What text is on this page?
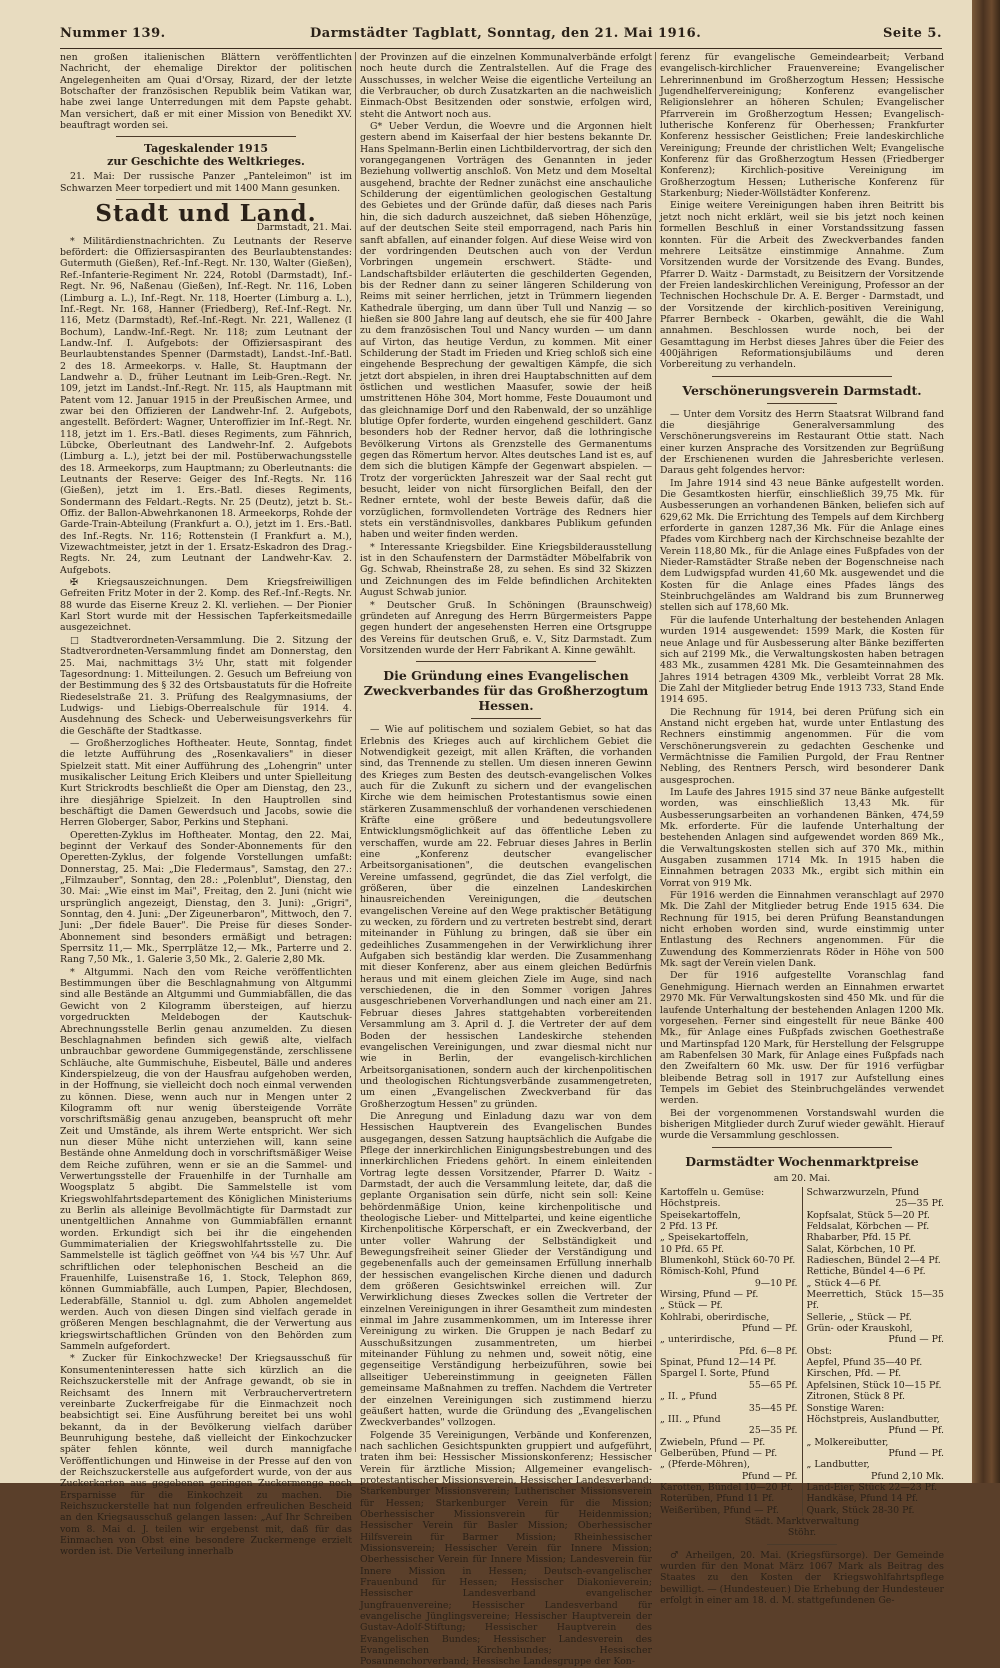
Nummer 139.	Darmstädter Tagblatt, Sonntag, den 21. Mai 1916.	Seite 5.

nen großen italienischen Blättern veröffentlichten Nachricht, der ehemalige Direktor der politischen Angelegenheiten am Quai d'Orsay, Rizard, der der letzte Botschafter der französischen Republik beim Vatikan war, habe zwei lange Unterredungen mit dem Papste gehabt. Man versichert, daß er mit einer Mission von Benedikt XV. beauftragt worden sei.

Tageskalender 1915
zur Geschichte des Weltkrieges.

21. Mai: Der russische Panzer „Panteleimon" ist im Schwarzen Meer torpediert und mit 1400 Mann gesunken.

Stadt und Land.
Darmstadt, 21. Mai.

* Militärdienstnachrichten. Zu Leutnants der Reserve befördert: die Offiziersaspiranten des Beurlaubtenstandes: Gutermuth (Gießen), Ref.-Inf.-Regt. Nr. 130, Walter (Gießen), Ref.-Infanterie-Regiment Nr. 224, Rotobl (Darmstadt), Inf.-Regt. Nr. 96, Naßenau (Gießen), Inf.-Regt. Nr. 116, Loben (Limburg a. L.), Inf.-Regt. Nr. 118, Hoerter (Limburg a. L.), Inf.-Regt. Nr. 168, Hanner (Friedberg), Ref.-Inf.-Regt. Nr. 116, Metz (Darmstadt), Ref.-Inf.-Regt. Nr. 221, Wallenez (I Bochum), Landw.-Inf.-Regt. Nr. 118; zum Leutnant der Landw.-Inf. I. Aufgebots: der Offiziersaspirant des Beurlaubtenstandes Spenner (Darmstadt), Landst.-Inf.-Batl. 2 des 18. Armeekorps. v. Halle, St. Hauptmann der Landwehr a. D., früher Leutnant im Leib-Gren.-Regt. Nr. 109, jetzt im Landst.-Inf.-Regt. Nr. 115, als Hauptmann mit Patent vom 12. Januar 1915 in der Preußischen Armee, und zwar bei den Offizieren der Landwehr-Inf. 2. Aufgebots, angestellt. Befördert: Wagner, Unteroffizier im Inf.-Regt. Nr. 118, jetzt im 1. Ers.-Batl. dieses Regiments, zum Fähnrich, Lübcke, Oberleutnant des Landwehr-Inf. 2. Aufgebots (Limburg a. L.), jetzt bei der mil. Postüberwachungsstelle des 18. Armeekorps, zum Hauptmann; zu Oberleutnants: die Leutnants der Reserve: Geiger des Inf.-Regts. Nr. 116 (Gießen), jetzt im 1. Ers.-Batl. dieses Regiments, Sondermann des Feldart.-Regts. Nr. 25 (Deutz), jetzt b. St.-Offiz. der Ballon-Abwehrkanonen 18. Armeekorps, Rohde der Garde-Train-Abteilung (Frankfurt a. O.), jetzt im 1. Ers.-Batl. des Inf.-Regts. Nr. 116; Rottenstein (I Frankfurt a. M.), Vizewachtmeister, jetzt in der 1. Ersatz-Eskadron des Drag.-Regts. Nr. 24, zum Leutnant der Landwehr-Kav. 2. Aufgebots.

✠ Kriegsauszeichnungen. Dem Kriegsfreiwilligen Gefreiten Fritz Moter in der 2. Komp. des Ref.-Inf.-Regts. Nr. 88 wurde das Eiserne Kreuz 2. Kl. verliehen. — Der Pionier Karl Stort wurde mit der Hessischen Tapferkeitsmedaille ausgezeichnet.

□ Stadtverordneten-Versammlung. Die 2. Sitzung der Stadtverordneten-Versammlung findet am Donnerstag, den 25. Mai, nachmittags 3½ Uhr, statt mit folgender Tagesordnung: 1. Mitteilungen. 2. Gesuch um Befreiung von der Bestimmung des § 32 des Ortsbaustatuts für die Hofreite Riedeselstraße 21. 3. Prüfung des Realgymnasiums, der Ludwigs- und Liebigs-Oberrealschule für 1914. 4. Ausdehnung des Scheck- und Ueberweisungsverkehrs für die Geschäfte der Stadtkasse.

— Großherzogliches Hoftheater. Heute, Sonntag, findet die letzte Aufführung des „Rosenkavaliers" in dieser Spielzeit statt. Mit einer Aufführung des „Lohengrin" unter musikalischer Leitung Erich Kleibers und unter Spielleitung Kurt Strickrodts beschließt die Oper am Dienstag, den 23., ihre diesjährige Spielzeit. In den Hauptrollen sind beschäftigt die Damen Gewerdsuch und Jacobs, sowie die Herren Globerger, Sabor, Perkins und Stephani.

Operetten-Zyklus im Hoftheater. Montag, den 22. Mai, beginnt der Verkauf des Sonder-Abonnements für den Operetten-Zyklus, der folgende Vorstellungen umfaßt: Donnerstag, 25. Mai: „Die Fledermaus", Samstag, den 27.: „Filmzauber", Sonntag, den 28.: „Polenblut", Dienstag, den 30. Mai: „Wie einst im Mai", Freitag, den 2. Juni (nicht wie ursprünglich angezeigt, Dienstag, den 3. Juni): „Grigri", Sonntag, den 4. Juni: „Der Zigeunerbaron", Mittwoch, den 7. Juni: „Der fidele Bauer". Die Preise für dieses Sonder-Abonnement sind besonders ermäßigt und betragen: Sperrsitz 11,— Mk., Sperrplätze 12,— Mk., Parterre und 2. Rang 7,50 Mk., 1. Galerie 3,50 Mk., 2. Galerie 2,80 Mk.

* Altgummi. Nach den vom Reiche veröffentlichten Bestimmungen über die Beschlagnahmung von Altgummi sind alle Bestände an Altgummi und Gummiabfällen, die das Gewicht von 2 Kilogramm übersteigen, auf hierzu vorgedruckten Meldebogen der Kautschuk-Abrechnungsstelle Berlin genau anzumelden. Zu diesen Beschlagnahmen befinden sich gewiß alte, vielfach unbrauchbar gewordene Gummigegenstände, zerschlissene Schläuche, alte Gummischuhe, Eisbeutel, Bälle und anderes Kinderspielzeug, die von der Hausfrau aufgehoben werden, in der Hoffnung, sie vielleicht doch noch einmal verwenden zu können. Diese, wenn auch nur in Mengen unter 2 Kilogramm oft nur wenig übersteigende Vorräte vorschriftsmäßig genau anzugeben, beansprucht oft mehr Zeit und Umstände, als ihrem Werte entspricht. Wer sich nun dieser Mühe nicht unterziehen will, kann seine Bestände ohne Anmeldung doch in vorschriftsmäßiger Weise dem Reiche zuführen, wenn er sie an die Sammel- und Verwertungsstelle der Frauenhilfe in der Turnhalle am Woogsplatz 5 abgibt. Die Sammelstelle ist vom Kriegswohlfahrtsdepartement des Königlichen Ministeriums zu Berlin als alleinige Bevollmächtigte für Darmstadt zur unentgeltlichen Annahme von Gummiabfällen ernannt worden. Erkundigt sich bei ihr die eingehenden Gummimaterialien der Kriegswohlfahrtsstelle zu. Die Sammelstelle ist täglich geöffnet von ¼4 bis ½7 Uhr. Auf schriftlichen oder telephonischen Bescheid an die Frauenhilfe, Luisenstraße 16, 1. Stock, Telephon 869, können Gummiabfälle, auch Lumpen, Papier, Blechdosen, Lederabfälle, Stanniol u. dgl. zum Abholen angemeldet werden. Auch von diesen Dingen sind vielfach gerade in größeren Mengen beschlagnahmt, die der Verwertung aus kriegswirtschaftlichen Gründen von den Behörden zum Sammeln aufgefordert.

* Zucker für Einkochzwecke! Der Kriegsausschuß für Konsumenteninteressen hatte sich kürzlich an die Reichszuckerstelle mit der Anfrage gewandt, ob sie in Reichsamt des Innern mit Verbrauchervertretern vereinbarte Zuckerfreigabe für die Einmachzeit noch beabsichtigt sei. Eine Ausführung bereitet bei uns wohl bekannt, da in der Bevölkerung vielfach darüber Beunruhigung bestehe, daß vielleicht der Einkochzucker später fehlen könnte, weil durch mannigfache Veröffentlichungen und Hinweise in der Presse auf den von der Reichszuckerstelle aus aufgefordert wurde, von der aus Zuckerkarten aus gegebenen geringen Zuckermenge noch Ersparnisse für die Einkochzeit zu machen. Die Reichszuckerstelle hat nun folgenden erfreulichen Bescheid an den Kriegsausschuß gelangen lassen: „Auf Ihr Schreiben vom 8. Mai d. J. teilen wir ergebenst mit, daß für das Einmachen von Obst eine besondere Zuckermenge erzielt worden ist. Die Verteilung innerhalb

der Provinzen auf die einzelnen Kommunalverbände erfolgt noch heute durch die Zentralstellen. Auf die Frage des Ausschusses, in welcher Weise die eigentliche Verteilung an die Verbraucher, ob durch Zusatzkarten an die nachweislich Einmach-Obst Besitzenden oder sonstwie, erfolgen wird, steht die Antwort noch aus.

G* Ueber Verdun, die Woevre und die Argonnen hielt gestern abend im Kaiserfaal der hier bestens bekannte Dr. Hans Spelmann-Berlin einen Lichtbildervortrag, der sich den vorangegangenen Vorträgen des Genannten in jeder Beziehung vollwertig anschloß. Von Metz und dem Moseltal ausgehend, brachte der Redner zunächst eine anschauliche Schilderung der eigentümlichen geologischen Gestaltung des Gebietes und der Gründe dafür, daß dieses nach Paris hin, die sich dadurch auszeichnet, daß sieben Höhenzüge, auf der deutschen Seite steil emporragend, nach Paris hin sanft abfallen, auf einander folgen. Auf diese Weise wird von der vordringenden Deutschen auch von der Verdun Vorbringen ungemein erschwert. Städte- und Landschaftsbilder erläuterten die geschilderten Gegenden, bis der Redner dann zu seiner längeren Schilderung von Reims mit seiner herrlichen, jetzt in Trümmern liegenden Kathedrale überging, um dann über Tull und Nanzig — so hießen sie 800 Jahre lang auf deutsch, ehe sie für 400 Jahre zu dem französischen Toul und Nancy wurden — um dann auf Virton, das heutige Verdun, zu kommen. Mit einer Schilderung der Stadt im Frieden und Krieg schloß sich eine eingehende Besprechung der gewaltigen Kämpfe, die sich jetzt dort abspielen, in ihren drei Hauptabschnitten auf dem östlichen und westlichen Maasufer, sowie der heiß umstrittenen Höhe 304, Mort homme, Feste Douaumont und das gleichnamige Dorf und den Rabenwald, der so unzählige blutige Opfer forderte, wurden eingehend geschildert. Ganz besonders hob der Redner hervor, daß die lothringische Bevölkerung Virtons als Grenzstelle des Germanentums gegen das Römertum hervor. Altes deutsches Land ist es, auf dem sich die blutigen Kämpfe der Gegenwart abspielen. — Trotz der vorgerückten Jahreszeit war der Saal recht gut besucht, leider von nicht fürsorglichen Beifall, den der Redner erntete, wohl der beste Beweis dafür, daß die vorzüglichen, formvollendeten Vorträge des Redners hier stets ein verständnisvolles, dankbares Publikum gefunden haben und weiter finden werden.

* Interessante Kriegsbilder. Eine Kriegsbilderausstellung ist in den Schaufenstern der Darmstädter Möbelfabrik von Gg. Schwab, Rheinstraße 28, zu sehen. Es sind 32 Skizzen und Zeichnungen des im Felde befindlichen Architekten August Schwab junior.

* Deutscher Gruß. In Schöningen (Braunschweig) gründeten auf Anregung des Herrn Bürgermeisters Pappe gegen hundert der angesehensten Herren eine Ortsgruppe des Vereins für deutschen Gruß, e. V., Sitz Darmstadt. Zum Vorsitzenden wurde der Herr Fabrikant A. Kinne gewählt.

Die Gründung eines Evangelischen Zweckverbandes für das Großherzogtum Hessen.

— Wie auf politischem und sozialem Gebiet, so hat das Erlebnis des Krieges auch auf kirchlichem Gebiet die Notwendigkeit gezeigt, mit allen Kräften, die vorhanden sind, das Trennende zu stellen. Um diesen inneren Gewinn des Krieges zum Besten des deutsch-evangelischen Volkes auch für die Zukunft zu sichern und der evangelischen Kirche wie dem heimischen Protestantismus sowie einen stärkeren Zusammenschluß der vorhandenen verschiedenen Kräfte eine größere und bedeutungsvollere Entwicklungsmöglichkeit auf das öffentliche Leben zu verschaffen, wurde am 22. Februar dieses Jahres in Berlin eine „Konferenz deutscher evangelischer Arbeitsorganisationen", die deutschen evangelischen Vereine umfassend, gegründet, die das Ziel verfolgt, die größeren, über die einzelnen Landeskirchen hinausreichenden Vereinigungen, die deutschen evangelischen Vereine auf den Wege praktischer Betätigung zu wecken, zu fördern und zu vertreten bestrebt sind, derart miteinander in Fühlung zu bringen, daß sie über ein gedeihliches Zusammengehen in der Verwirklichung ihrer Aufgaben sich beständig klar werden. Die Zusammenhang mit dieser Konferenz, aber aus einem gleichen Bedürfnis heraus und mit einem gleichen Ziele im Auge, sind nach verschiedenen, die in den Sommer vorigen Jahres ausgeschriebenen Vorverhandlungen und nach einer am 21. Februar dieses Jahres stattgehabten vorbereitenden Versammlung am 3. April d. J. die Vertreter der auf dem Boden der hessischen Landeskirche stehenden evangelischen Vereinigungen, und zwar diesmal nicht nur wie in Berlin, der evangelisch-kirchlichen Arbeitsorganisationen, sondern auch der kirchenpolitischen und theologischen Richtungsverbände zusammengetreten, um einen „Evangelischen Zweckverband für das Großherzogtum Hessen" zu gründen.

Die Anregung und Einladung dazu war von dem Hessischen Hauptverein des Evangelischen Bundes ausgegangen, dessen Satzung hauptsächlich die Aufgabe die Pflege der innerkirchlichen Einigungsbestrebungen und des innerkirchlichen Friedens gehört. In einem einleitenden Vortrag legte dessen Vorsitzender, Pfarrer D. Waitz - Darmstadt, der auch die Versammlung leitete, dar, daß die geplante Organisation sein dürfe, nicht sein soll: Keine behördenmäßige Union, keine kirchenpolitische und theologische Lieber- und Mittelpartei, und keine eigentliche Kirchenpolitische Körperschaft, er ein Zweckverband, der unter voller Wahrung der Selbständigkeit und Bewegungsfreiheit seiner Glieder der Verständigung und gegebenenfalls auch der gemeinsamen Erfüllung innerhalb der hessischen evangelischen Kirche dienen und dadurch dem größeren Gesichtswinkel erreichen will. Zur Verwirklichung dieses Zweckes sollen die Vertreter der einzelnen Vereinigungen in ihrer Gesamtheit zum mindesten einmal im Jahre zusammenkommen, um im Interesse ihrer Vereinigung zu wirken. Die Gruppen je nach Bedarf zu Ausschußsitzungen zusammentreten, um hierbei miteinander Fühlung zu nehmen und, soweit nötig, eine gegenseitige Verständigung herbeizuführen, sowie bei allseitiger Uebereinstimmung in geeigneten Fällen gemeinsame Maßnahmen zu treffen. Nachdem die Vertreter der einzelnen Vereinigungen sich zustimmend hierzu geäußert hatten, wurde die Gründung des „Evangelischen Zweckverbandes" vollzogen.

Folgende 35 Vereinigungen, Verbände und Konferenzen, nach sachlichen Gesichtspunkten gruppiert und aufgeführt, traten ihm bei: Hessischer Missionskonferenz; Hessischer Verein für ärztliche Mission; Allgemeiner evangelisch-protestantischer Missionsverein, Hessischer Landesverband; Starkenburger Missionsverein; Lutherischer Missionsverein für Hessen; Starkenburger Verein für die Mission; Oberhessischer Missionsverein für Heidenmission; Hessischer Verein für Basler Mission; Oberhessischer Hilfsverein für Barmer Mission; Rheinhessischer Missionsverein; Hessischer Verein für Innere Mission; Oberhessischer Verein für Innere Mission; Landesverein für Innere Mission in Hessen; Deutsch-evangelischer Frauenbund für Hessen; Hessischer Diakonieverein; Hessischer Landesverband evangelischer Jungfrauenvereine; Hessischer Landesverband für evangelische Jünglingsvereine; Hessischer Hauptverein der Gustav-Adolf-Stiftung; Hessischer Hauptverein des Evangelischen Bundes; Hessischer Landesverein des Evangelischen Kirchenbundes; Hessischer Posaunenchorverband; Hessische Landesgruppe der Kon-

ferenz für evangelische Gemeindearbeit; Verband evangelisch-kirchlicher Frauenvereine; Evangelischer Lehrerinnenbund im Großherzogtum Hessen; Hessische Jugendhelfervereinigung; Konferenz evangelischer Religionslehrer an höheren Schulen; Evangelischer Pfarrverein im Großherzogtum Hessen; Evangelisch-lutherische Konferenz für Oberhessen; Frankfurter Konferenz hessischer Geistlichen; Freie landeskirchliche Vereinigung; Freunde der christlichen Welt; Evangelische Konferenz für das Großherzogtum Hessen (Friedberger Konferenz); Kirchlich-positive Vereinigung im Großherzogtum Hessen; Lutherische Konferenz für Starkenburg; Nieder-Wöllstädter Konferenz.

Einige weitere Vereinigungen haben ihren Beitritt bis jetzt noch nicht erklärt, weil sie bis jetzt noch keinen formellen Beschluß in einer Vorstandssitzung fassen konnten. Für die Arbeit des Zweckverbandes fanden mehrere Leitsätze einstimmige Annahme. Zum Vorsitzenden wurde der Vorsitzende des Evang. Bundes, Pfarrer D. Waitz - Darmstadt, zu Beisitzern der Vorsitzende der Freien landeskirchlichen Vereinigung, Professor an der Technischen Hochschule Dr. A. E. Berger - Darmstadt, und der Vorsitzende der kirchlich-positiven Vereinigung, Pfarrer Bernbeck - Okarben, gewählt, die die Wahl annahmen. Beschlossen wurde noch, bei der Gesamttagung im Herbst dieses Jahres über die Feier des 400jährigen Reformationsjubiläums und deren Vorbereitung zu verhandeln.

Verschönerungsverein Darmstadt.

— Unter dem Vorsitz des Herrn Staatsrat Wilbrand fand die diesjährige Generalversammlung des Verschönerungsvereins im Restaurant Ottie statt. Nach einer kurzen Ansprache des Vorsitzenden zur Begrüßung der Erschienenen wurden die Jahresberichte verlesen. Daraus geht folgendes hervor:

Im Jahre 1914 sind 43 neue Bänke aufgestellt worden. Die Gesamtkosten hierfür, einschließlich 39,75 Mk. für Ausbesserungen an vorhandenen Bänken, beliefen sich auf 629,62 Mk. Die Errichtung des Tempels auf dem Kirchberg erforderte in ganzen 1287,36 Mk. Für die Anlage eines Pfades vom Kirchberg nach der Kirchschneise bezahlte der Verein 118,80 Mk., für die Anlage eines Fußpfades von der Nieder-Ramstädter Straße neben der Bogenschneise nach dem Ludwigspfad wurden 41,60 Mk. ausgewendet und die Kosten für die Anlage eines Pfades längs des Steinbruchgeländes am Waldrand bis zum Brunnerweg stellen sich auf 178,60 Mk.

Für die laufende Unterhaltung der bestehenden Anlagen wurden 1914 ausgewendet: 1599 Mark, die Kosten für neue Anlage und für Ausbesserung alter Bänke bezifferten sich auf 2199 Mk., die Verwaltungskosten haben betragen 483 Mk., zusammen 4281 Mk. Die Gesamteinnahmen des Jahres 1914 betragen 4309 Mk., verbleibt Vorrat 28 Mk. Die Zahl der Mitglieder betrug Ende 1913 733, Stand Ende 1914 695.

Die Rechnung für 1914, bei deren Prüfung sich ein Anstand nicht ergeben hat, wurde unter Entlastung des Rechners einstimmig angenommen. Für die vom Verschönerungsverein zu gedachten Geschenke und Vermächtnisse die Familien Purgold, der Frau Rentner Nebling, des Rentners Persch, wird besonderer Dank ausgesprochen.

Im Laufe des Jahres 1915 sind 37 neue Bänke aufgestellt worden, was einschließlich 13,43 Mk. für Ausbesserungsarbeiten an vorhandenen Bänken, 474,59 Mk. erforderte. Für die laufende Unterhaltung der bestehenden Anlagen sind aufgewendet worden 869 Mk., die Verwaltungskosten stellen sich auf 370 Mk., mithin Ausgaben zusammen 1714 Mk. In 1915 haben die Einnahmen betragen 2033 Mk., ergibt sich mithin ein Vorrat von 919 Mk.

Für 1916 werden die Einnahmen veranschlagt auf 2970 Mk. Die Zahl der Mitglieder betrug Ende 1915 634. Die Rechnung für 1915, bei deren Prüfung Beanstandungen nicht erhoben worden sind, wurde einstimmig unter Entlastung des Rechners angenommen. Für die Zuwendung des Kommerzienrats Röder in Höhe von 500 Mk. sagt der Verein vielen Dank.

Der für 1916 aufgestellte Voranschlag fand Genehmigung. Hiernach werden an Einnahmen erwartet 2970 Mk. Für Verwaltungskosten sind 450 Mk. und für die laufende Unterhaltung der bestehenden Anlagen 1200 Mk. vorgesehen. Ferner sind eingestellt für neue Bänke 400 Mk., für Anlage eines Fußpfads zwischen Goethestraße und Martinspfad 120 Mark, für Herstellung der Felsgruppe am Rabenfelsen 30 Mark, für Anlage eines Fußpfads nach den Zweifaltern 60 Mk. usw. Der für 1916 verfügbar bleibende Betrag soll in 1917 zur Aufstellung eines Tempels im Gebiet des Steinbruchgeländes verwendet werden.

Bei der vorgenommenen Vorstandswahl wurden die bisherigen Mitglieder durch Zuruf wieder gewählt. Hierauf wurde die Versammlung geschlossen.

Darmstädter Wochenmarktpreise
am 20. Mai.
Kartoffeln u. Gemüse:
Höchstpreis. Speisekartoffeln,
2 Pfd. 13 Pf.
„ Speisekartoffeln,
10 Pfd. 65 Pf.
Blumenkohl, Stück 60-70 Pf.
Römisch-Kohl, Pfund
9—10 Pf.
Wirsing, Pfund — Pf.
„ Stück — Pf.
Kohlrabi, oberirdische,
Pfund — Pf.
„ unterirdische,
Pfd. 6—8 Pf.
Spinat, Pfund 12—14 Pf.
Spargel I. Sorte, Pfund
55—65 Pf.
„ II. „ Pfund
35—45 Pf.
„ III. „ Pfund
25—35 Pf.
Zwiebeln, Pfund — Pf.
Gelberüben, Pfund — Pf.
„ (Pferde-Möhren),
Pfund — Pf.
Karotten, Bündel 10—20 Pf.
Roterüben, Pfund 11 Pf.
Weißerüben, Pfund — Pf.

Schwarzwurzeln, Pfund
25—35 Pf.
Kopfsalat, Stück 5—20 Pf.
Feldsalat, Körbchen — Pf.
Rhabarber, Pfd. 15 Pf.
Salat, Körbchen, 10 Pf.
Radieschen, Bündel 2—4 Pf.
Rettiche, Bündel 4—6 Pf.
„ Stück 4—6 Pf.
Meerrettich, Stück 15—35 Pf.
Sellerie, „ Stück — Pf.
Grün- oder Krauskohl,
Pfund — Pf.
Obst:
Aepfel, Pfund 35—40 Pf.
Kirschen, Pfd. — Pf.
Apfelsinen, Stück 10—15 Pf.
Zitronen, Stück 8 Pf.
Sonstige Waren:
Höchstpreis, Auslandbutter,
Pfund — Pf.
„ Molkereibutter,
Pfund — Pf.
„ Landbutter,
Pfund 2,10 Mk.
Land-Eier, Stück 22—23 Pf.
Handkäse, Pfund 14 Pf.
Quark, Stück 28-30 Pf.
Städt. Marktverwaltung
Stöhr.

♂ Arheilgen, 20. Mai. (Kriegsfürsorge). Der Gemeinde wurden für den Monat März 1067 Mark als Beitrag des Staates zu den Kosten der Kriegswohlfahrtspflege bewilligt. — (Hundesteuer.) Die Erhebung der Hundesteuer erfolgt in einer am 18. d. M. stattgefundenen Ge-
